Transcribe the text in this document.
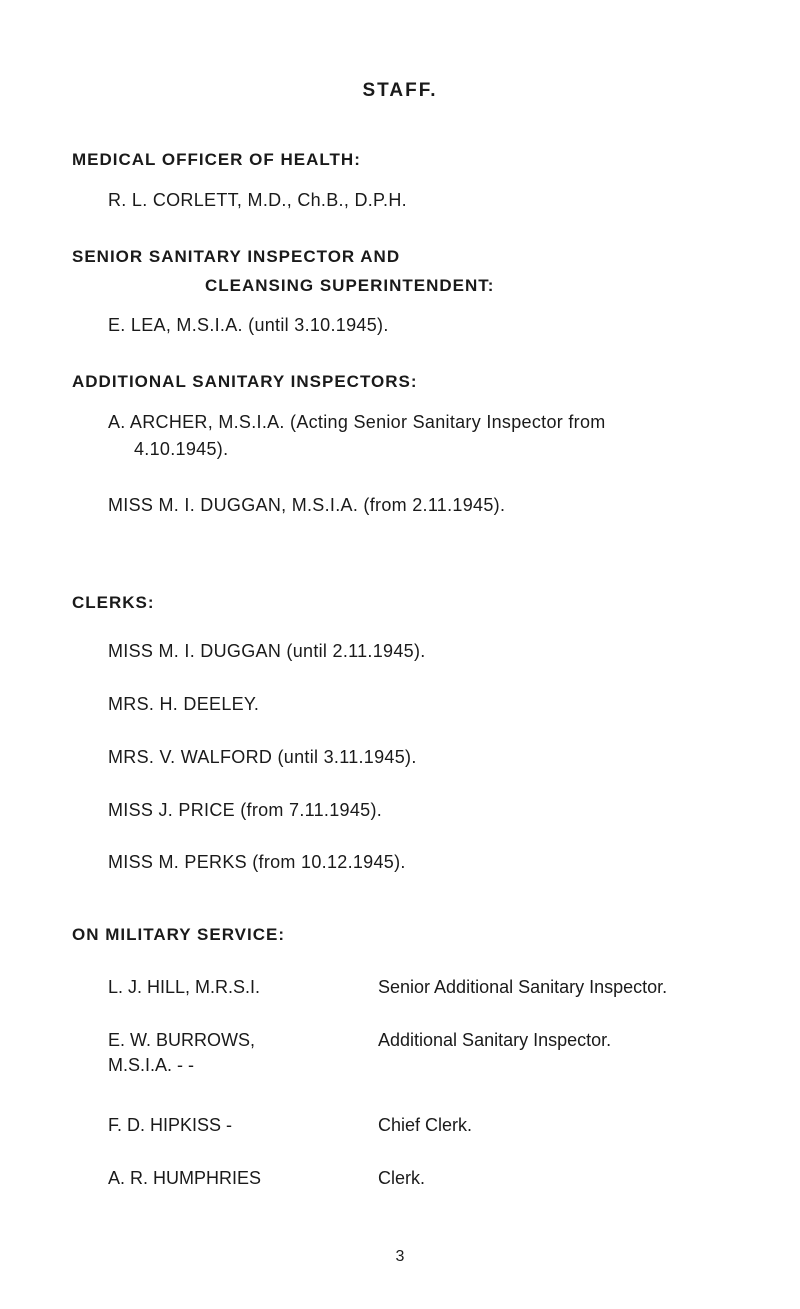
STAFF.
MEDICAL OFFICER OF HEALTH:
R. L. CORLETT, M.D., Ch.B., D.P.H.
SENIOR SANITARY INSPECTOR AND
CLEANSING SUPERINTENDENT:
E. LEA, M.S.I.A. (until 3.10.1945).
ADDITIONAL SANITARY INSPECTORS:
A. ARCHER, M.S.I.A. (Acting Senior Sanitary Inspector from
4.10.1945).
MISS M. I. DUGGAN, M.S.I.A. (from 2.11.1945).
CLERKS:
MISS M. I. DUGGAN (until 2.11.1945).
MRS. H. DEELEY.
MRS. V. WALFORD (until 3.11.1945).
MISS J. PRICE (from 7.11.1945).
MISS M. PERKS (from 10.12.1945).
ON MILITARY SERVICE:
L. J. HILL, M.R.S.I.	Senior Additional Sanitary Inspector.
E. W. BURROWS,	Additional Sanitary Inspector.
M.S.I.A. - -
F. D. HIPKISS -	Chief Clerk.
A. R. HUMPHRIES	Clerk.
3
